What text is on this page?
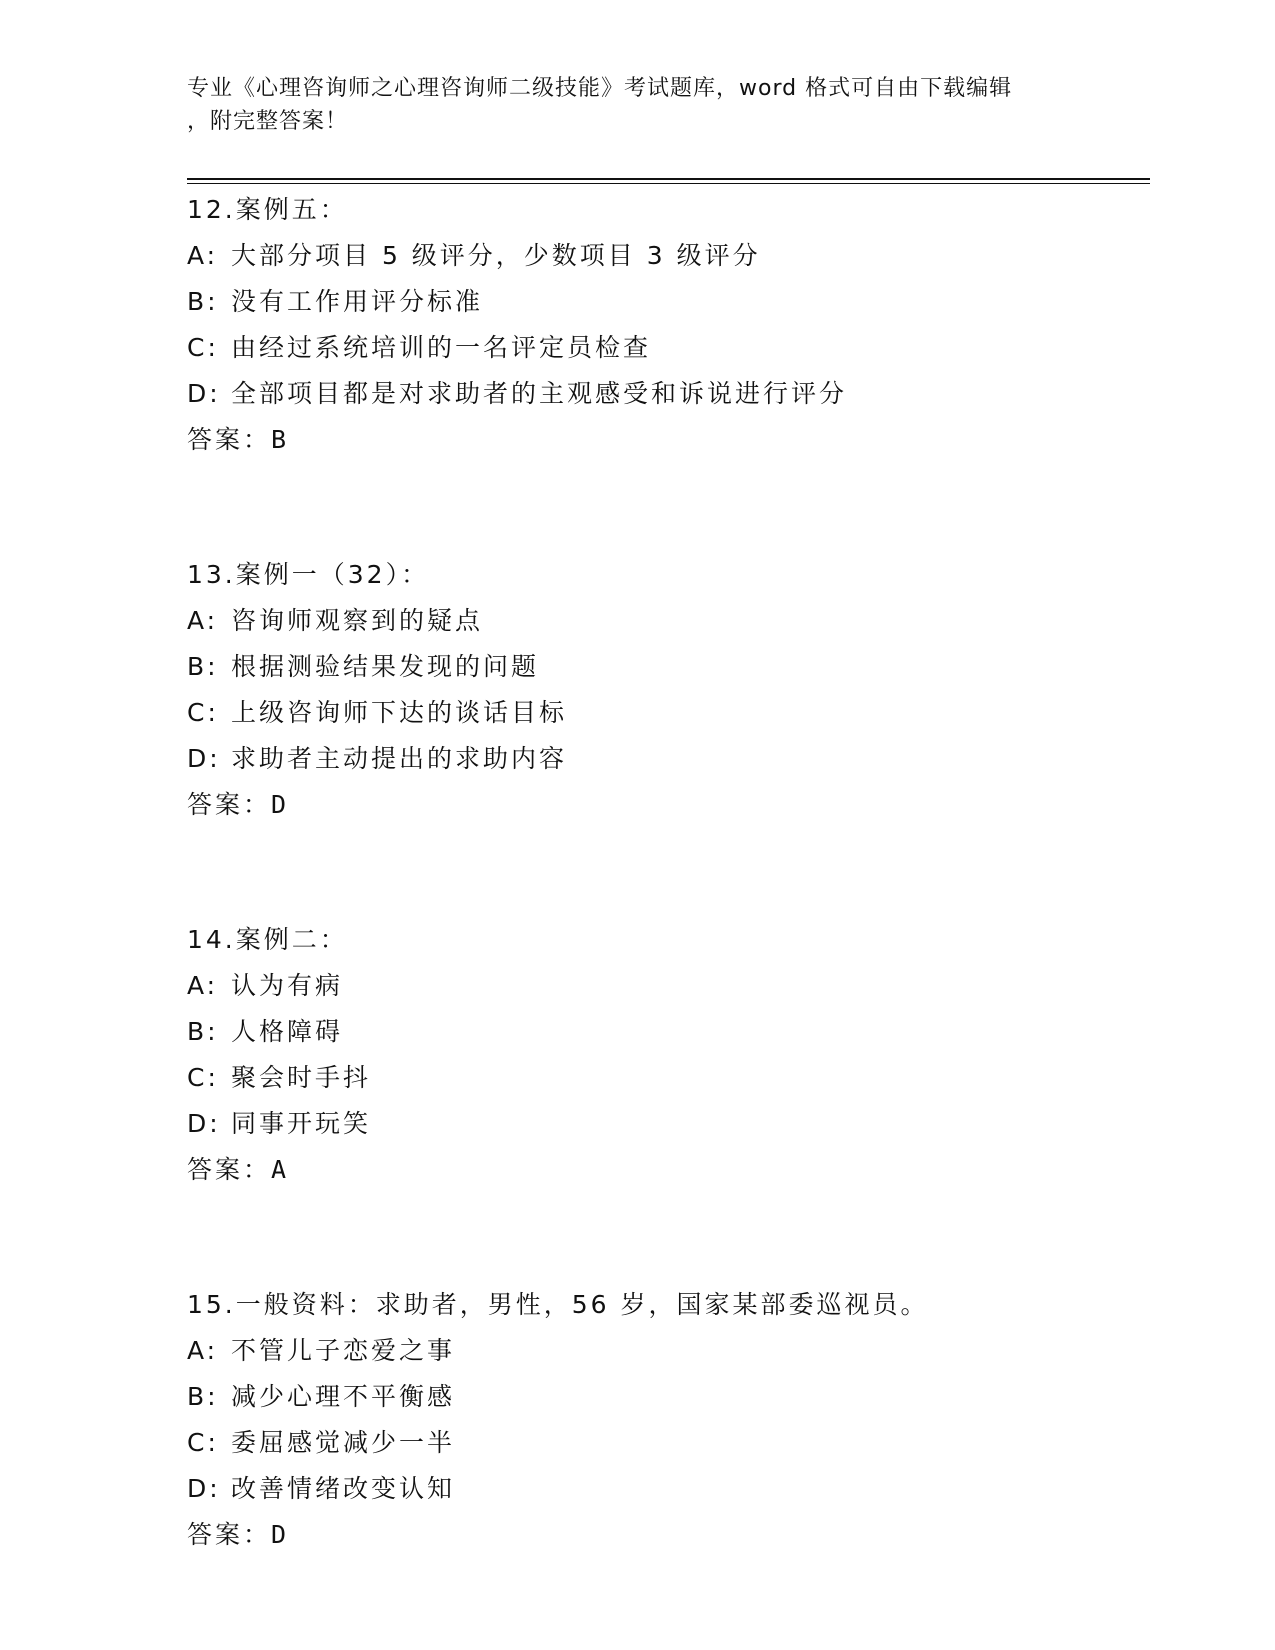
专业《心理咨询师之心理咨询师二级技能》考试题库，word 格式可自由下载编辑
，附完整答案！
12.案例五：
A: 大部分项目 5 级评分，少数项目 3 级评分
B: 没有工作用评分标准
C: 由经过系统培训的一名评定员检查
D: 全部项目都是对求助者的主观感受和诉说进行评分
答案：B
13.案例一（32）：
A: 咨询师观察到的疑点
B: 根据测验结果发现的问题
C: 上级咨询师下达的谈话目标
D: 求助者主动提出的求助内容
答案：D
14.案例二：
A: 认为有病
B: 人格障碍
C: 聚会时手抖
D: 同事开玩笑
答案：A
15.一般资料：求助者，男性，56 岁，国家某部委巡视员。
A: 不管儿子恋爱之事
B: 减少心理不平衡感
C: 委屈感觉减少一半
D: 改善情绪改变认知
答案：D
